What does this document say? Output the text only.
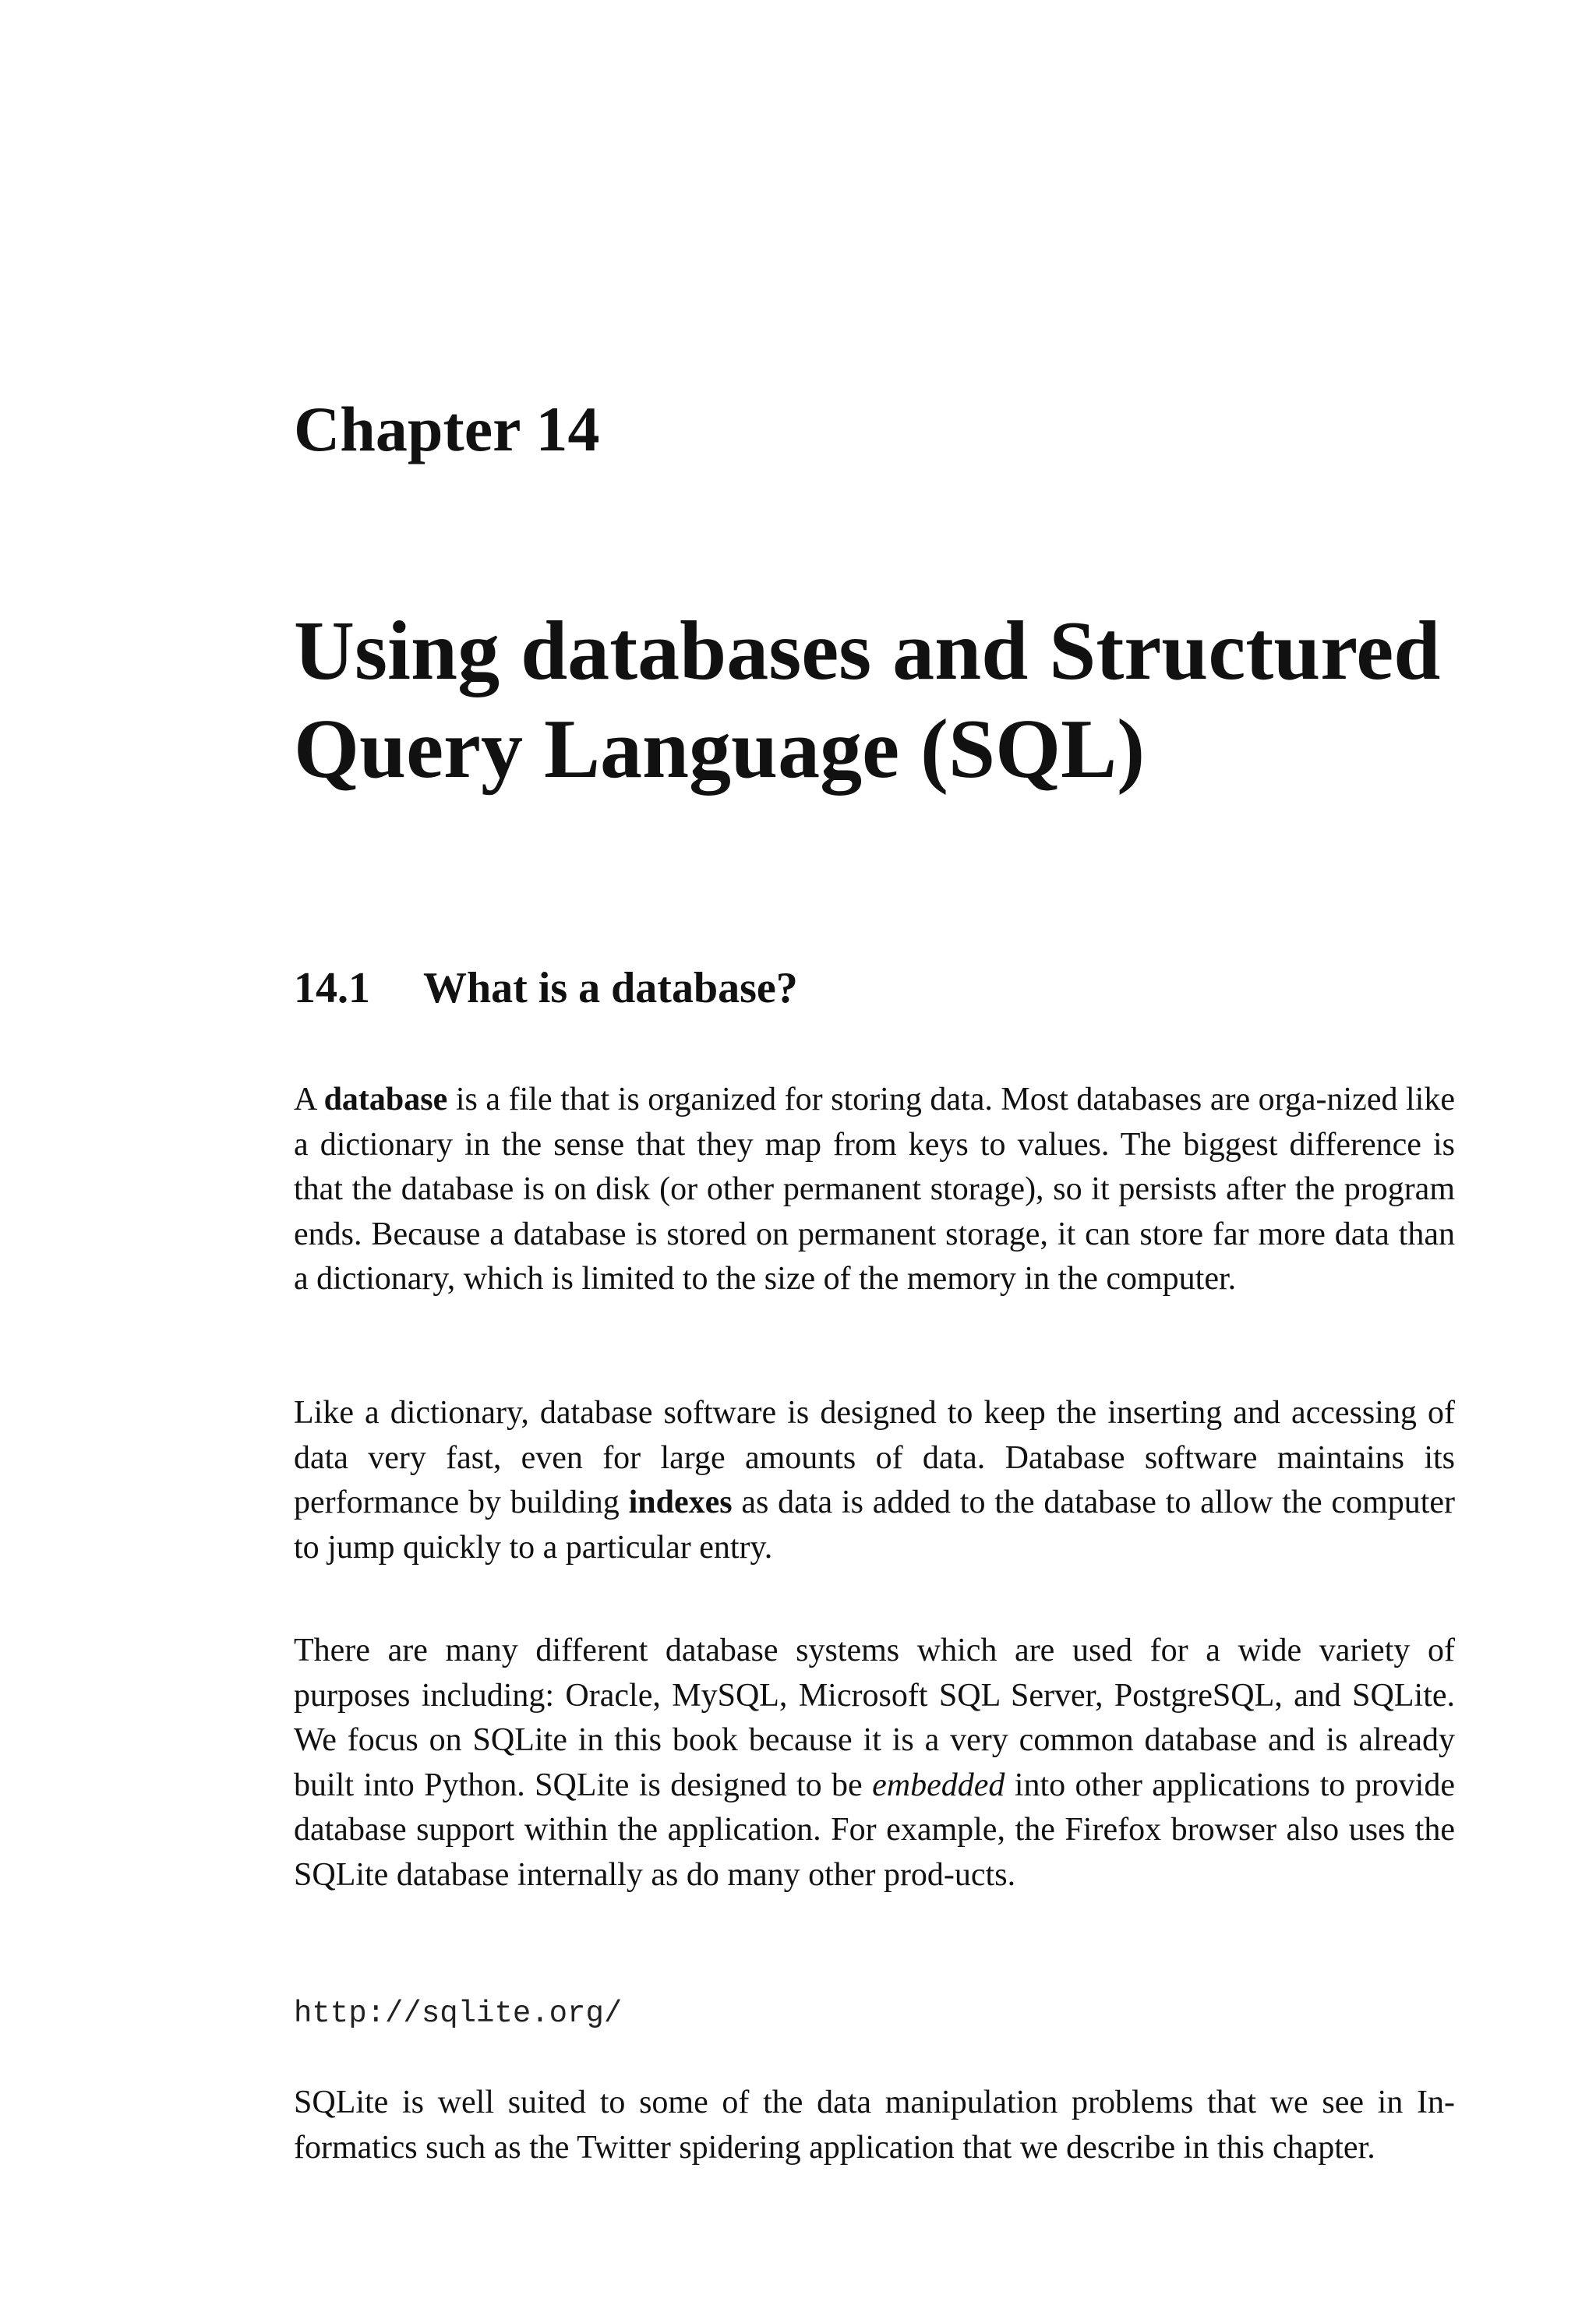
Chapter 14
Using databases and Structured
Query Language (SQL)
14.1 What is a database?

A database is a file that is organized for storing data. Most databases are orga-nized like a dictionary in the sense that they map from keys to values. The biggest difference is that the database is on disk (or other permanent storage), so it persists after the program ends. Because a database is stored on permanent storage, it can store far more data than a dictionary, which is limited to the size of the memory in the computer.

Like a dictionary, database software is designed to keep the inserting and accessing of data very fast, even for large amounts of data. Database software maintains its performance by building indexes as data is added to the database to allow the computer to jump quickly to a particular entry.

There are many different database systems which are used for a wide variety of purposes including: Oracle, MySQL, Microsoft SQL Server, PostgreSQL, and SQLite. We focus on SQLite in this book because it is a very common database and is already built into Python. SQLite is designed to be embedded into other applications to provide database support within the application. For example, the Firefox browser also uses the SQLite database internally as do many other prod-ucts.

http://sqlite.org/

SQLite is well suited to some of the data manipulation problems that we see in In-formatics such as the Twitter spidering application that we describe in this chapter.
